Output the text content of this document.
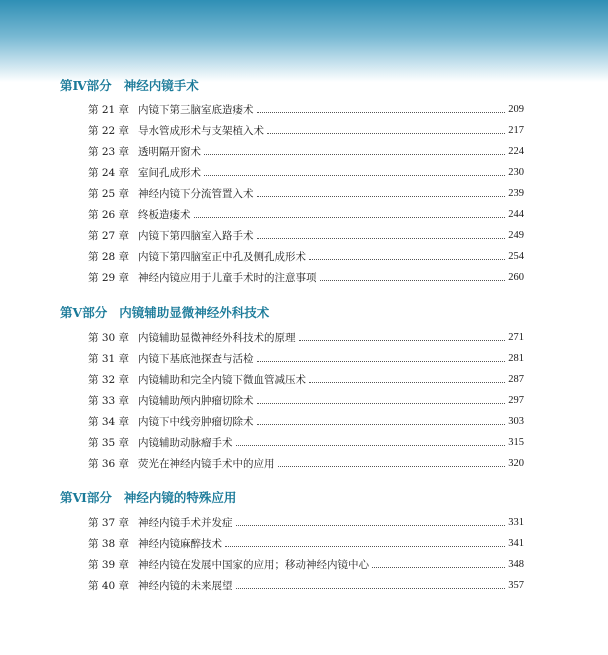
第Ⅳ部分 神经内镜手术
第 21 章 内镜下第三脑室底造瘘术	209
第 22 章 导水管成形术与支架植入术	217
第 23 章 透明隔开窗术	224
第 24 章 室间孔成形术	230
第 25 章 神经内镜下分流管置入术	239
第 26 章 终板造瘘术	244
第 27 章 内镜下第四脑室入路手术	249
第 28 章 内镜下第四脑室正中孔及侧孔成形术	254
第 29 章 神经内镜应用于儿童手术时的注意事项	260
第Ⅴ部分 内镜辅助显微神经外科技术
第 30 章 内镜辅助显微神经外科技术的原理	271
第 31 章 内镜下基底池探查与活检	281
第 32 章 内镜辅助和完全内镜下微血管减压术	287
第 33 章 内镜辅助颅内肿瘤切除术	297
第 34 章 内镜下中线旁肿瘤切除术	303
第 35 章 内镜辅助动脉瘤手术	315
第 36 章 荧光在神经内镜手术中的应用	320
第Ⅵ部分 神经内镜的特殊应用
第 37 章 神经内镜手术并发症	331
第 38 章 神经内镜麻醉技术	341
第 39 章 神经内镜在发展中国家的应用；移动神经内镜中心	348
第 40 章 神经内镜的未来展望	357
